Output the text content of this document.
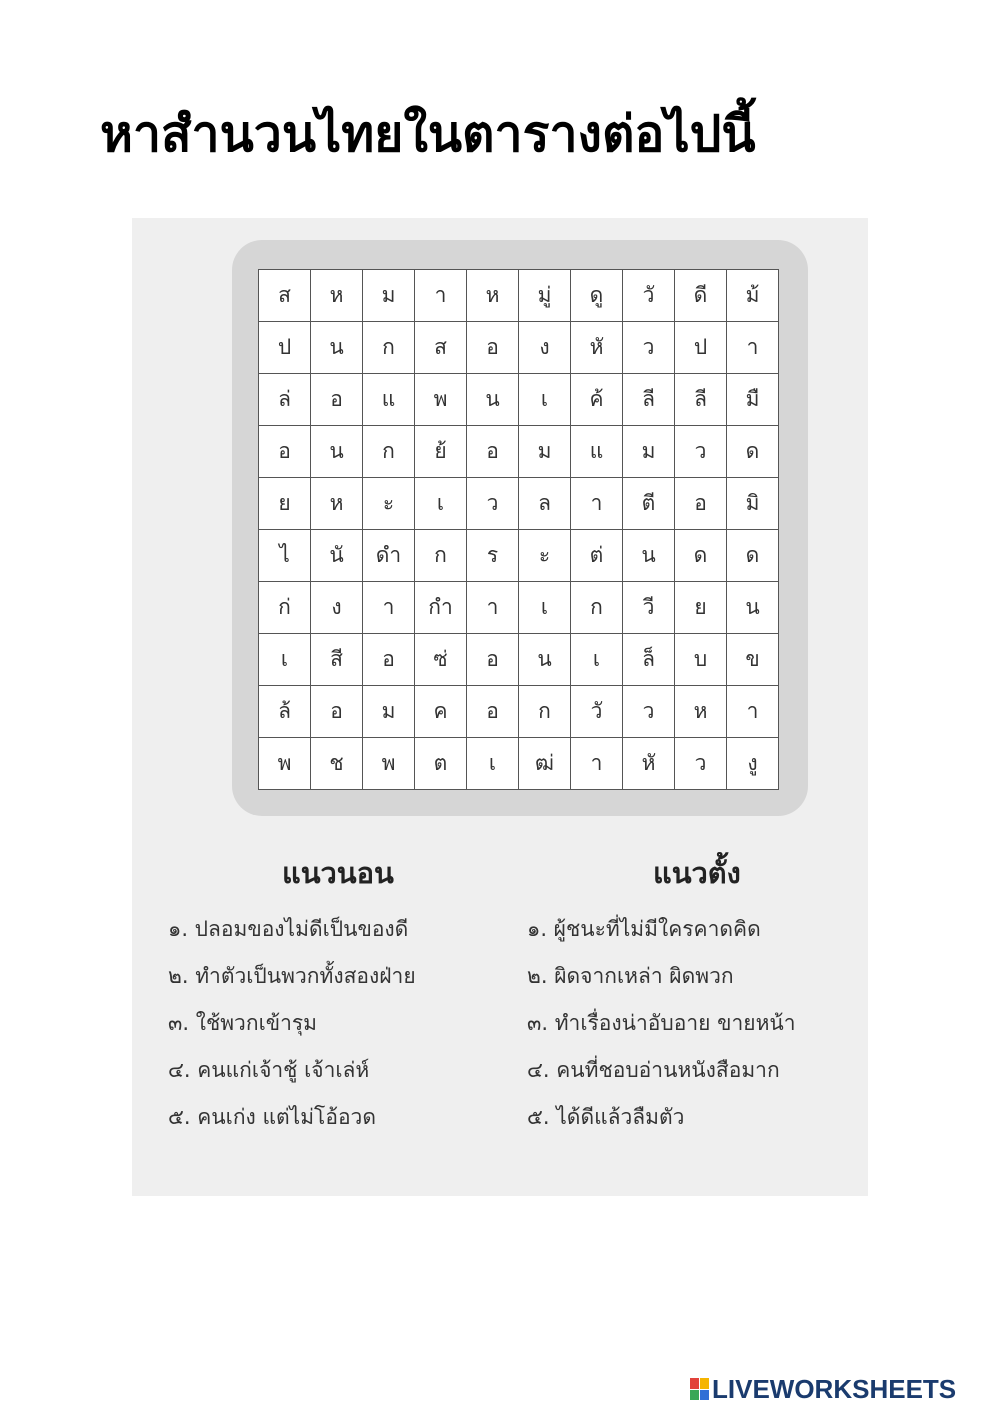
หาสำนวนไทยในตารางต่อไปนี้
ส	ห	ม	า	ห	มู่	ดู	วั	ดี	ม้
ป	น	ก	ส	อ	ง	หั	ว	ป	า
ล่	อ	แ	พ	น	เ	ค้	ลี	ลี	มื
อ	น	ก	ย้	อ	ม	แ	ม	ว	ด
ย	ห	ะ	เ	ว	ล	า	ตี	อ	มิ
ไ	นั	ดำ	ก	ร	ะ	ต่	น	ด	ด
ก่	ง	า	กำ	า	เ	ก	วี	ย	น
เ	สี	อ	ซ่	อ	น	เ	ล็	บ	ข
ล้	อ	ม	ค	อ	ก	วั	ว	ห	า
พ	ช	พ	ต	เ	ฒ่	า	หั	ว	งู
แนวนอน	แนวตั้ง
๑. ปลอมของไม่ดีเป็นของดี
๒. ทำตัวเป็นพวกทั้งสองฝ่าย
๓. ใช้พวกเข้ารุม
๔. คนแก่เจ้าชู้ เจ้าเล่ห์
๕. คนเก่ง แต่ไม่โอ้อวด
๑. ผู้ชนะที่ไม่มีใครคาดคิด
๒. ผิดจากเหล่า ผิดพวก
๓. ทำเรื่องน่าอับอาย ขายหน้า
๔. คนที่ชอบอ่านหนังสือมาก
๕. ได้ดีแล้วลืมตัว
LIVEWORKSHEETS
